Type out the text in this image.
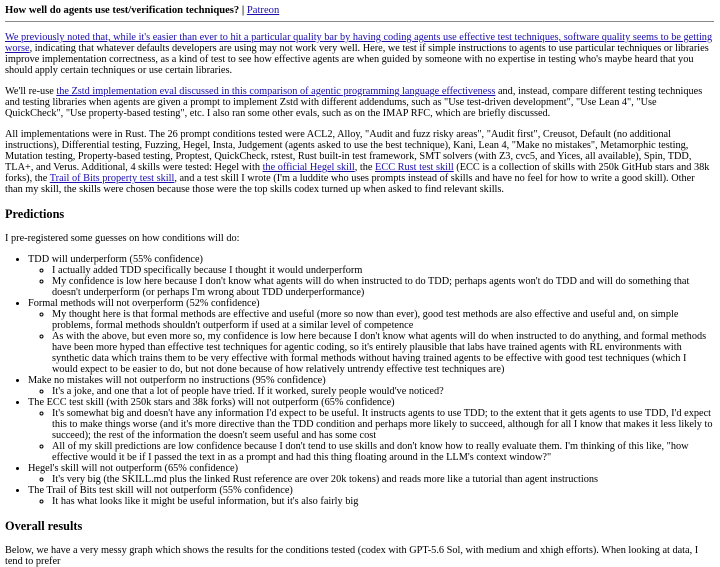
How well do agents use test/verification techniques? | Patreon

We previously noted that, while it's easier than ever to hit a particular quality bar by having coding agents use effective test techniques, software quality seems to be getting worse, indicating that whatever defaults developers are using may not work very well. Here, we test if simple instructions to agents to use particular techniques or libraries improve implementation correctness, as a kind of test to see how effective agents are when guided by someone with no expertise in testing who's maybe heard that you should apply certain techniques or use certain libraries.

We'll re-use the Zstd implementation eval discussed in this comparison of agentic programming language effectiveness and, instead, compare different testing techniques and testing libraries when agents are given a prompt to implement Zstd with different addendums, such as "Use test-driven development", "Use Lean 4", "Use QuickCheck", "Use property-based testing", etc. I also ran some other evals, such as on the IMAP RFC, which are briefly discussed.

All implementations were in Rust. The 26 prompt conditions tested were ACL2, Alloy, "Audit and fuzz risky areas", "Audit first", Creusot, Default (no additional instructions), Differential testing, Fuzzing, Hegel, Insta, Judgement (agents asked to use the best technique), Kani, Lean 4, "Make no mistakes", Metamorphic testing, Mutation testing, Property-based testing, Proptest, QuickCheck, rstest, Rust built-in test framework, SMT solvers (with Z3, cvc5, and Yices, all available), Spin, TDD, TLA+, and Verus. Additional, 4 skills were tested: Hegel with the official Hegel skill, the ECC Rust test skill (ECC is a collection of skills with 250k GitHub stars and 38k forks), the Trail of Bits property test skill, and a test skill I wrote (I'm a luddite who uses prompts instead of skills and have no feel for how to write a good skill). Other than my skill, the skills were chosen because those were the top skills codex turned up when asked to find relevant skills.

Predictions

I pre-registered some guesses on how conditions will do:

• TDD will underperform (55% confidence)
◦ I actually added TDD specifically because I thought it would underperform
◦ My confidence is low here because I don't know what agents will do when instructed to do TDD; perhaps agents won't do TDD and will do something that doesn't underperform (or perhaps I'm wrong about TDD underperformance)
• Formal methods will not overperform (52% confidence)
◦ My thought here is that formal methods are effective and useful (more so now than ever), good test methods are also effective and useful and, on simple problems, formal methods shouldn't outperform if used at a similar level of competence
◦ As with the above, but even more so, my confidence is low here because I don't know what agents will do when instructed to do anything, and formal methods have been more hyped than effective test techniques for agentic coding, so it's entirely plausible that labs have trained agents with RL environments with synthetic data which trains them to be very effective with formal methods without having trained agents to be effective with good test techniques (which I would expect to be easier to do, but not done because of how relatively untrendy effective test techniques are)
• Make no mistakes will not outperform no instructions (95% confidence)
◦ It's a joke, and one that a lot of people have tried. If it worked, surely people would've noticed?
• The ECC test skill (with 250k stars and 38k forks) will not outperform (65% confidence)
◦ It's somewhat big and doesn't have any information I'd expect to be useful. It instructs agents to use TDD; to the extent that it gets agents to use TDD, I'd expect this to make things worse (and it's more directive than the TDD condition and perhaps more likely to succeed, although for all I know that makes it less likely to succeed); the rest of the information the doesn't seem useful and has some cost
◦ All of my skill predictions are low confidence because I don't tend to use skills and don't know how to really evaluate them. I'm thinking of this like, "how effective would it be if I passed the text in as a prompt and had this thing floating around in the LLM's context window?"
• Hegel's skill will not outperform (65% confidence)
◦ It's very big (the SKILL.md plus the linked Rust reference are over 20k tokens) and reads more like a tutorial than agent instructions
• The Trail of Bits test skill will not outperform (55% confidence)
◦ It has what looks like it might be useful information, but it's also fairly big
Overall results

Below, we have a very messy graph which shows the results for the conditions tested (codex with GPT-5.6 Sol, with medium and xhigh efforts). When looking at data, I tend to prefer
